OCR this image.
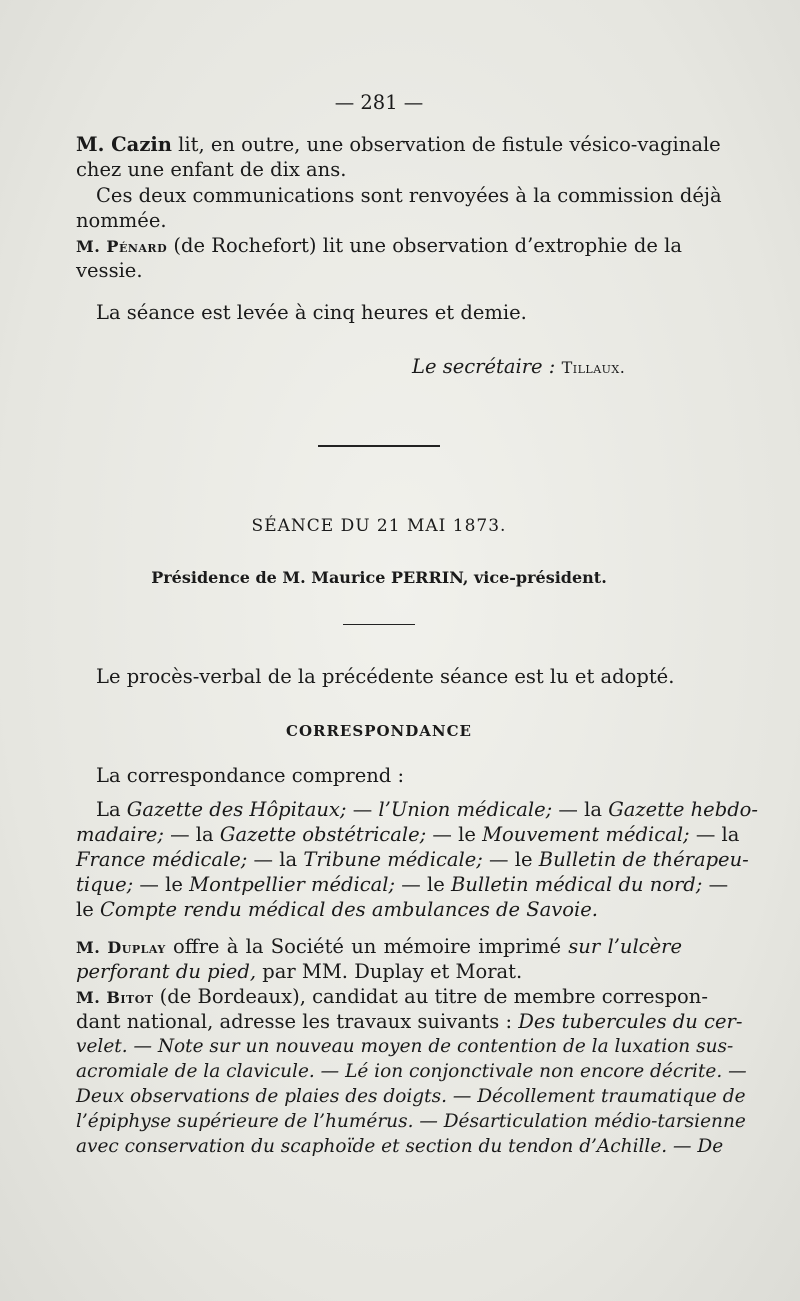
— 281 —
M. Cazin lit, en outre, une observation de fistule vésico-vaginale
chez une enfant de dix ans.
Ces deux communications sont renvoyées à la commission déjà
nommée.
M. Pénard (de Rochefort) lit une observation d’extrophie de la
vessie.
La séance est levée à cinq heures et demie.
Le secrétaire : Tillaux.
SÉANCE DU 21 MAI 1873.
Présidence de M. Maurice PERRIN, vice-président.
Le procès-verbal de la précédente séance est lu et adopté.
CORRESPONDANCE
La correspondance comprend :
La Gazette des Hôpitaux; — l’Union médicale; — la Gazette hebdo-
madaire; — la Gazette obstétricale; — le Mouvement médical; — la
France médicale; — la Tribune médicale; — le Bulletin de thérapeu-
tique; — le Montpellier médical; — le Bulletin médical du nord; —
le Compte rendu médical des ambulances de Savoie.
M. Duplay offre à la Société un mémoire imprimé sur l’ulcère
perforant du pied, par MM. Duplay et Morat.
M. Bitot (de Bordeaux), candidat au titre de membre correspon-
dant national, adresse les travaux suivants : Des tubercules du cer-
velet. — Note sur un nouveau moyen de contention de la luxation sus-
acromiale de la clavicule. — Lé ion conjonctivale non encore décrite. —
Deux observations de plaies des doigts. — Décollement traumatique de
l’épiphyse supérieure de l’humérus. — Désarticulation médio-tarsienne
avec conservation du scaphoïde et section du tendon d’Achille. — De
